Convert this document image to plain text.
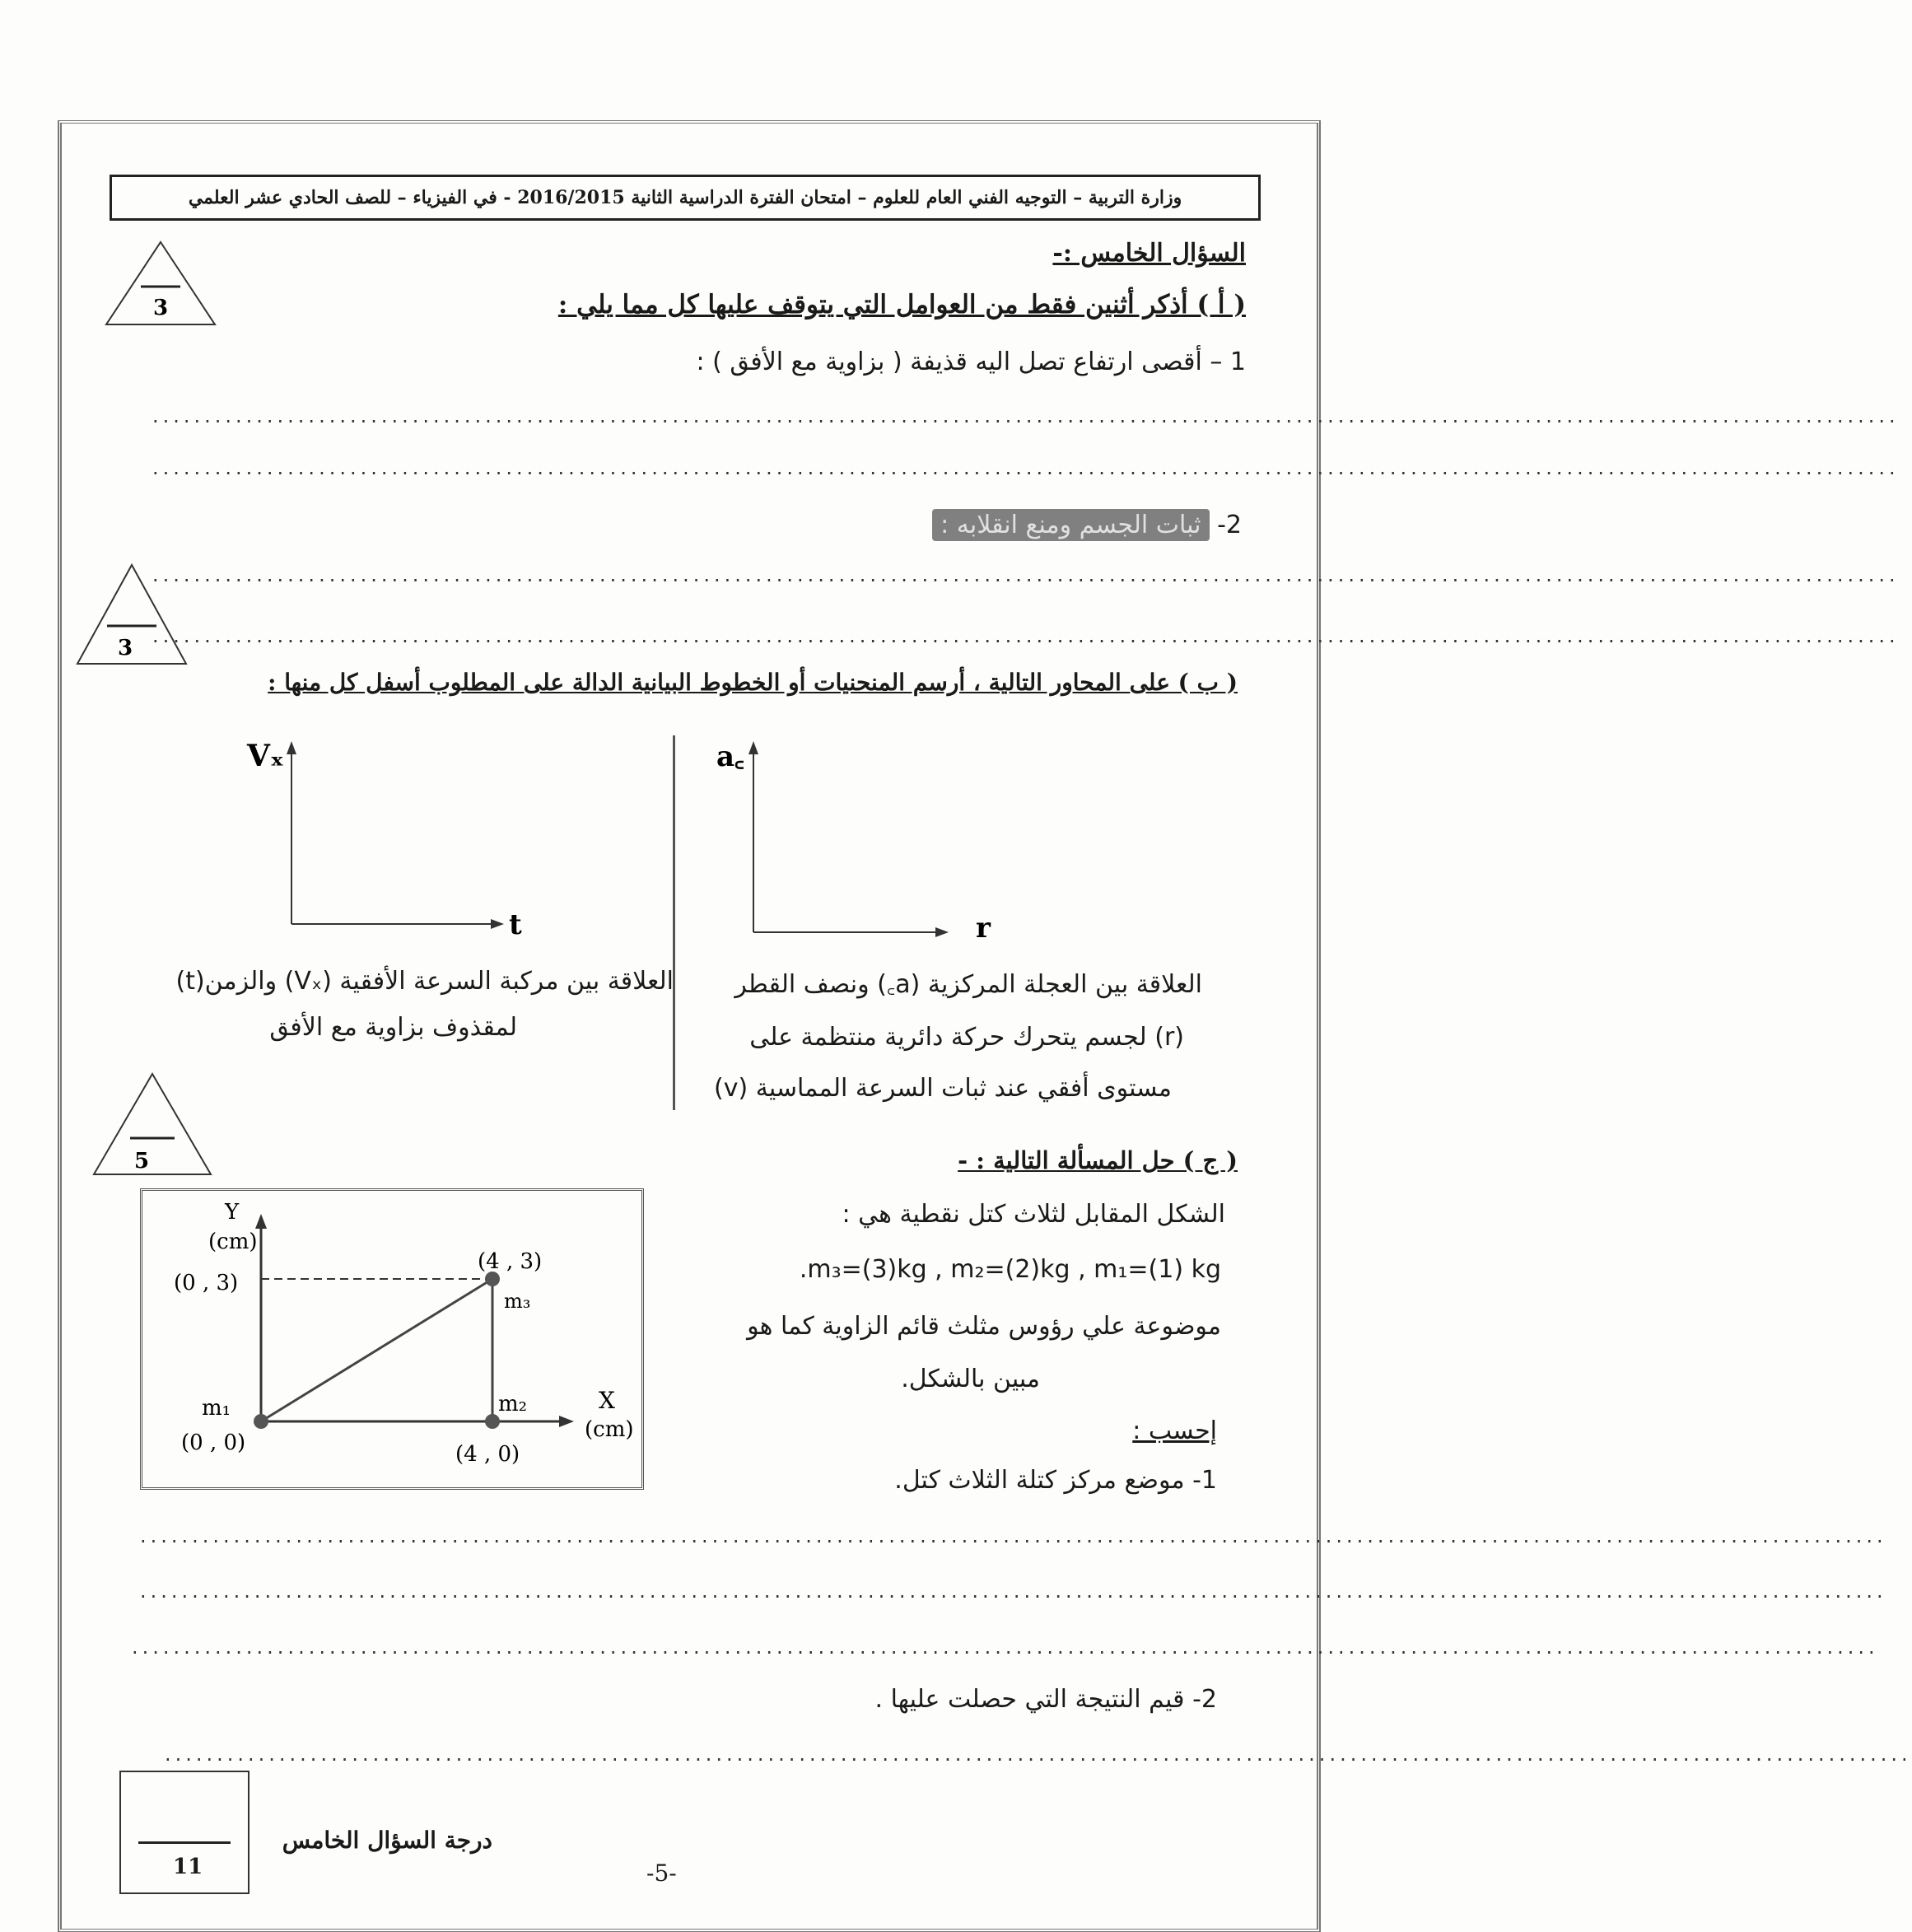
وزارة التربية – التوجيه الفني العام للعلوم – امتحان الفترة الدراسية الثانية 2016/2015 - في الفيزياء – للصف الحادي عشر العلمي
السؤال الخامس :-
3	( أ ) أذكر أثنين فقط من العوامل التي يتوقف عليها كل مما يلي :
1 – أقصى ارتفاع تصل اليه قذيفة ( بزاوية مع الأفق ) :
........................................................................................................................................................................
........................................................................................................................................................................
2- ثبات الجسم ومنع انقلابه :
........................................................................................................................................................................
........................................................................................................................................................................
3
( ب ) على المحاور التالية ، أرسم المنحنيات أو الخطوط البيانية الدالة على المطلوب أسفل كل منها :
Vₓ
t
العلاقة بين مركبة السرعة الأفقية (Vₓ) والزمن(t)
لمقذوف بزاوية مع الأفق
a꜀
r
العلاقة بين العجلة المركزية (a꜀) ونصف القطر
(r) لجسم يتحرك حركة دائرية منتظمة على
مستوى أفقي عند ثبات السرعة المماسية (v)
5	( ج ) حل المسألة التالية : -
الشكل المقابل لثلاث كتل نقطية هي :
.m₃=(3)kg , m₂=(2)kg , m₁=(1) kg
موضوعة علي رؤوس مثلث قائم الزاوية كما هو
مبين بالشكل.
إحسب :
1- موضع مركز كتلة الثلاث كتل.
Y
(cm)
(0 , 3)
(4 , 3)
m₃
m₁
(0 , 0)
m₂
(4 , 0)
X
(cm)
........................................................................................................................................................................
........................................................................................................................................................................
........................................................................................................................................................................
2- قيم النتيجة التي حصلت عليها .
........................................................................................................................................................................
11
درجة السؤال الخامس
-5-
